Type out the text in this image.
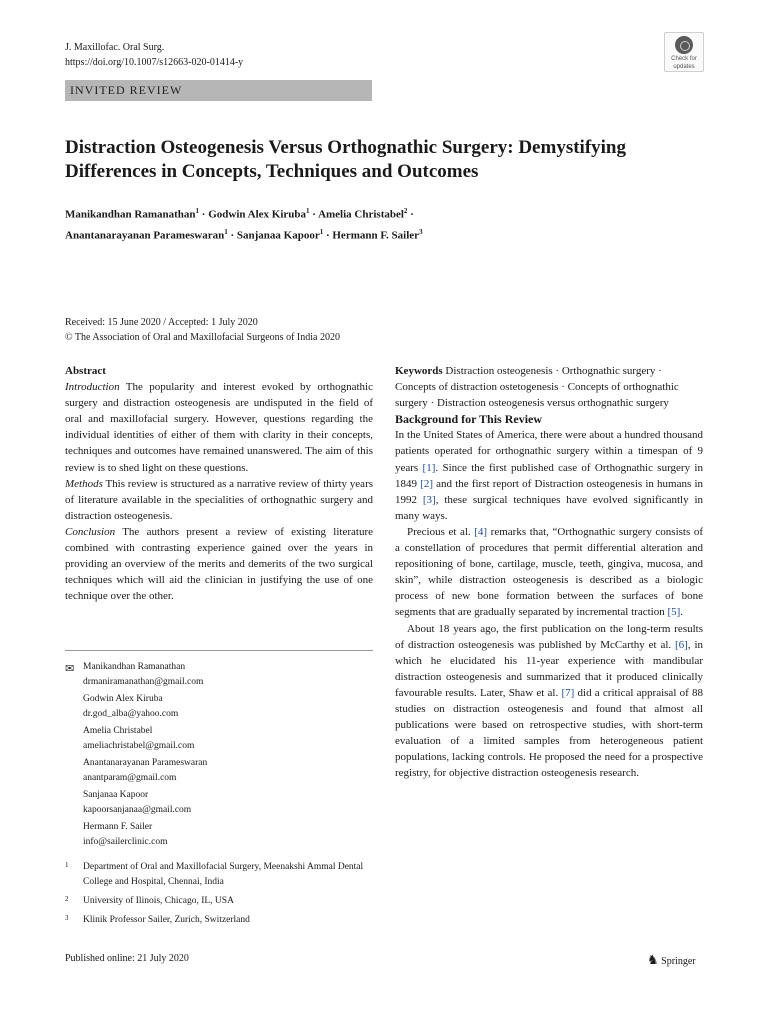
J. Maxillofac. Oral Surg.
https://doi.org/10.1007/s12663-020-01414-y	Check for
updates
INVITED REVIEW
Distraction Osteogenesis Versus Orthognathic Surgery: Demystifying Differences in Concepts, Techniques and Outcomes
Manikandhan Ramanathan$^1$ · Godwin Alex Kiruba$^1$ · Amelia Christabel$^2$ ·
Anantanarayanan Parameswaran$^1$ · Sanjanaa Kapoor$^1$ · Hermann F. Sailer$^3$
Received: 15 June 2020 / Accepted: 1 July 2020
© The Association of Oral and Maxillofacial Surgeons of India 2020

Abstract

Introduction The popularity and interest evoked by orthognathic surgery and distraction osteogenesis are undisputed in the field of oral and maxillofacial surgery. However, questions regarding the individual identities of either of them with clarity in their concepts, techniques and outcomes have remained unanswered. The aim of this review is to shed light on these questions.

Methods This review is structured as a narrative review of thirty years of literature available in the specialities of orthognathic surgery and distraction osteogenesis.

Conclusion The authors present a review of existing literature combined with contrasting experience gained over the years in providing an overview of the merits and demerits of the two surgical techniques which will aid the clinician in justifying the use of one technique over the other.

Keywords Distraction osteogenesis · Orthognathic surgery · Concepts of distraction ostetogenesis · Concepts of orthognathic surgery · Distraction osteogenesis versus orthognathic surgery

Background for This Review

In the United States of America, there were about a hundred thousand patients operated for orthognathic surgery within a timespan of 9 years [1]. Since the first published case of Orthognathic surgery in 1849 [2] and the first report of Distraction osteogenesis in humans in 1992 [3], these surgical techniques have evolved significantly in many ways.

Precious et al. [4] remarks that, “Orthognathic surgery consists of a constellation of procedures that permit differential alteration and repositioning of bone, cartilage, muscle, teeth, gingiva, mucosa, and skin”, while distraction osteogenesis is described as a biologic process of new bone formation between the surfaces of bone segments that are gradually separated by incremental traction [5].

About 18 years ago, the first publication on the long-term results of distraction osteogenesis was published by McCarthy et al. [6], in which he elucidated his 11-year experience with mandibular distraction osteogenesis and summarized that it produced clinically favourable results. Later, Shaw et al. [7] did a critical appraisal of 88 studies on distraction osteogenesis and found that almost all publications were based on retrospective studies, with short-term evaluation of a limited samples from heterogeneous patient populations, lacking controls. He proposed the need for a prospective registry, for objective distraction osteogenesis research.

✉ Manikandhan Ramanathan
drmaniramanathan@gmail.com
Godwin Alex Kiruba
dr.god_alba@yahoo.com
Amelia Christabel
ameliachristabel@gmail.com
Anantanarayanan Parameswaran
anantparam@gmail.com
Sanjanaa Kapoor
kapoorsanjanaa@gmail.com
Hermann F. Sailer
info@sailerclinic.com
1 Department of Oral and Maxillofacial Surgery, Meenakshi Ammal Dental College and Hospital, Chennai, India
2 University of Ilinois, Chicago, IL, USA
3 Klinik Professor Sailer, Zurich, Switzerland
Published online: 21 July 2020	♞ Springer
